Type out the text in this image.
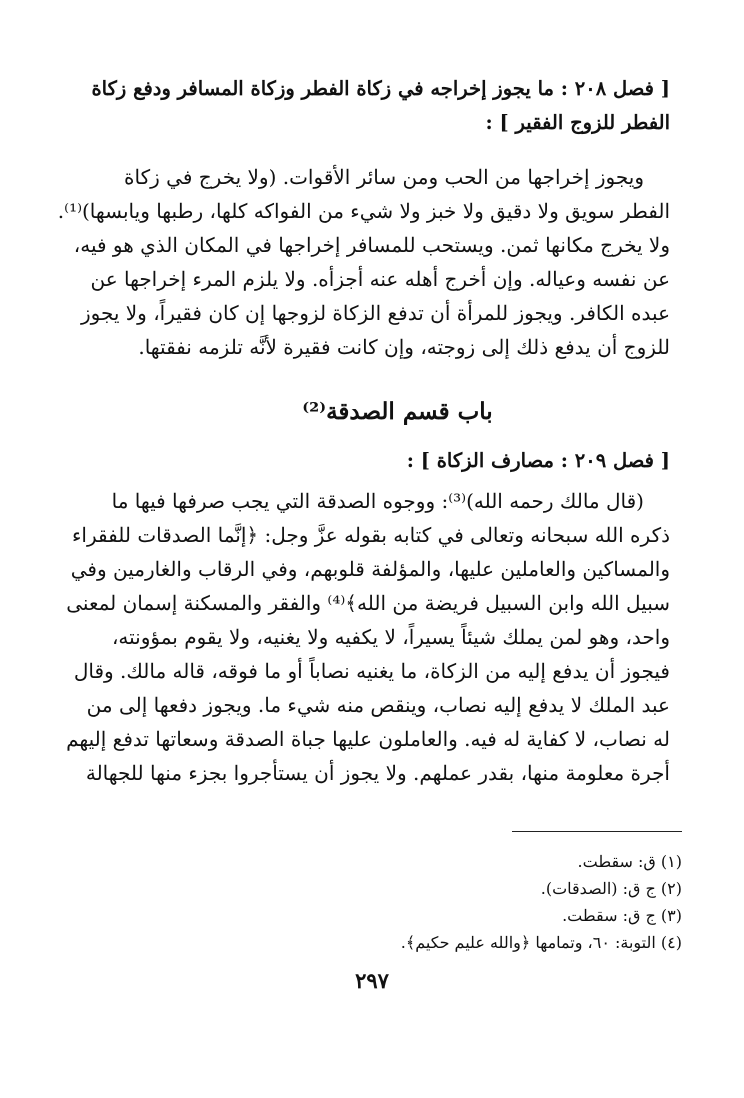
[ فصل ٢٠٨ : ما يجوز إخراجه في زكاة الفطر وزكاة المسافر ودفع زكاة
الفطر للزوج الفقير ] :
ويجوز إخراجها من الحب ومن سائر الأقوات. (ولا يخرج في زكاة
الفطر سويق ولا دقيق ولا خبز ولا شيء من الفواكه كلها، رطبها ويابسها)⁽¹⁾.
ولا يخرج مكانها ثمن. ويستحب للمسافر إخراجها في المكان الذي هو فيه،
عن نفسه وعياله. وإن أخرج أهله عنه أجزأه. ولا يلزم المرء إخراجها عن
عبده الكافر. ويجوز للمرأة أن تدفع الزكاة لزوجها إن كان فقيراً، ولا يجوز
للزوج أن يدفع ذلك إلى زوجته، وإن كانت فقيرة لأنَّه تلزمه نفقتها.
باب قسم الصدقة⁽²⁾
[ فصل ٢٠٩ : مصارف الزكاة ] :
(قال مالك رحمه الله)⁽³⁾: ووجوه الصدقة التي يجب صرفها فيها ما
ذكره الله سبحانه وتعالى في كتابه بقوله عزَّ وجل: ﴿إنَّما الصدقات للفقراء
والمساكين والعاملين عليها، والمؤلفة قلوبهم، وفي الرقاب والغارمين وفي
سبيل الله وابن السبيل فريضة من الله﴾⁽⁴⁾ والفقر والمسكنة إسمان لمعنى
واحد، وهو لمن يملك شيئاً يسيراً، لا يكفيه ولا يغنيه، ولا يقوم بمؤونته،
فيجوز أن يدفع إليه من الزكاة، ما يغنيه نصاباً أو ما فوقه، قاله مالك. وقال
عبد الملك لا يدفع إليه نصاب، وينقص منه شيء ما. ويجوز دفعها إلى من
له نصاب، لا كفاية له فيه. والعاملون عليها جباة الصدقة وسعاتها تدفع إليهم
أجرة معلومة منها، بقدر عملهم. ولا يجوز أن يستأجروا بجزء منها للجهالة
(١) ق: سقطت.
(٢) ج ق: (الصدقات).
(٣) ج ق: سقطت.
(٤) التوبة: ٦٠، وتمامها ﴿والله عليم حكيم﴾.
٢٩٧
